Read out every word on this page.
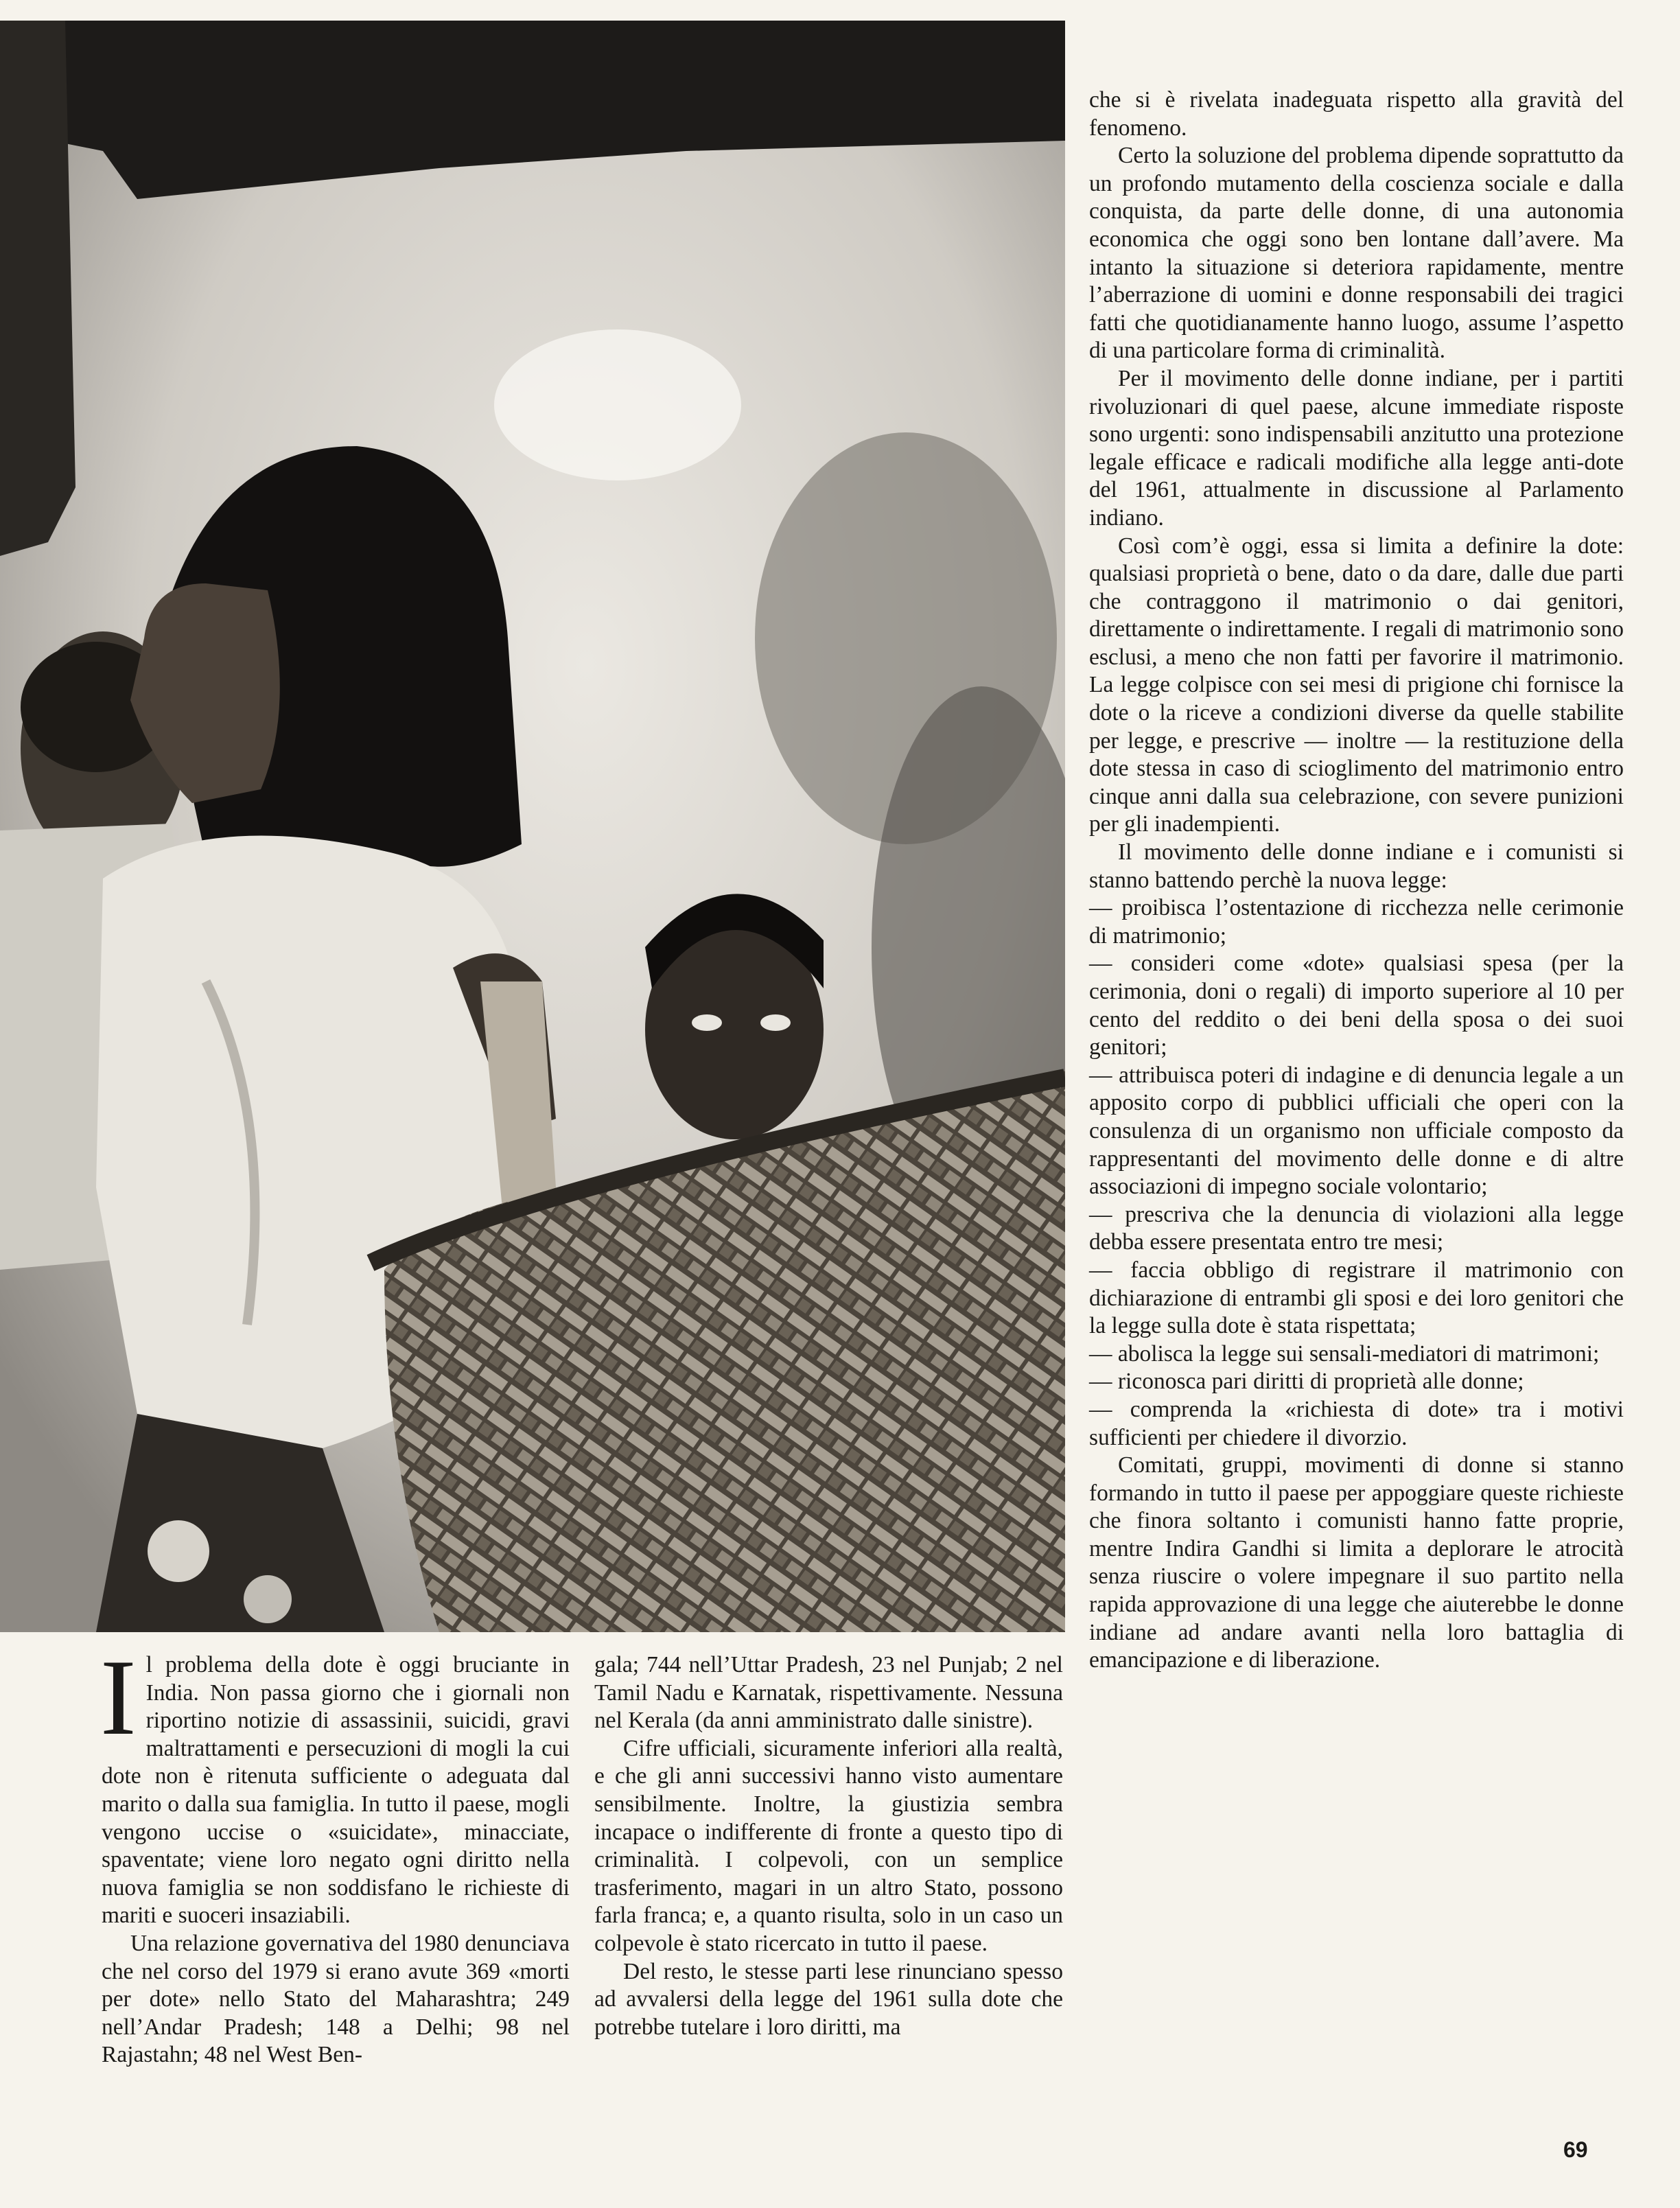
che si è rivelata inadeguata rispetto alla gravità del fenomeno.

Certo la soluzione del problema dipende soprattutto da un profondo mutamento della coscienza sociale e dalla conquista, da parte delle donne, di una autonomia economica che oggi sono ben lontane dall’avere. Ma intanto la situazione si deteriora rapidamente, mentre l’aberrazione di uomini e donne responsabili dei tragici fatti che quotidianamente hanno luogo, assume l’aspetto di una particolare forma di criminalità.

Per il movimento delle donne indiane, per i partiti rivoluzionari di quel paese, alcune immediate risposte sono urgenti: sono indispensabili anzitutto una protezione legale efficace e radicali modifiche alla legge anti-dote del 1961, attualmente in discussione al Parlamento indiano.

Così com’è oggi, essa si limita a definire la dote: qualsiasi proprietà o bene, dato o da dare, dalle due parti che contraggono il matrimonio o dai genitori, direttamente o indirettamente. I regali di matrimonio sono esclusi, a meno che non fatti per favorire il matrimonio. La legge colpisce con sei mesi di prigione chi fornisce la dote o la riceve a condizioni diverse da quelle stabilite per legge, e prescrive — inoltre — la restituzione della dote stessa in caso di scioglimento del matrimonio entro cinque anni dalla sua celebrazione, con severe punizioni per gli inadempienti.

Il movimento delle donne indiane e i comunisti si stanno battendo perchè la nuova legge:

— proibisca l’ostentazione di ricchezza nelle cerimonie di matrimonio;

— consideri come «dote» qualsiasi spesa (per la cerimonia, doni o regali) di importo superiore al 10 per cento del reddito o dei beni della sposa o dei suoi genitori;

— attribuisca poteri di indagine e di denuncia legale a un apposito corpo di pubblici ufficiali che operi con la consulenza di un organismo non ufficiale composto da rappresentanti del movimento delle donne e di altre associazioni di impegno sociale volontario;

— prescriva che la denuncia di violazioni alla legge debba essere presentata entro tre mesi;

— faccia obbligo di registrare il matrimonio con dichiarazione di entrambi gli sposi e dei loro genitori che la legge sulla dote è stata rispettata;

— abolisca la legge sui sensali-mediatori di matrimoni;

— riconosca pari diritti di proprietà alle donne;

— comprenda la «richiesta di dote» tra i motivi sufficienti per chiedere il divorzio.

Comitati, gruppi, movimenti di donne si stanno formando in tutto il paese per appoggiare queste richieste che finora soltanto i comunisti hanno fatte proprie, mentre Indira Gandhi si limita a deplorare le atrocità senza riuscire o volere impegnare il suo partito nella rapida approvazione di una legge che aiuterebbe le donne indiane ad andare avanti nella loro battaglia di emancipazione e di liberazione.

Il problema della dote è oggi bruciante in India. Non passa giorno che i giornali non riportino notizie di assassinii, suicidi, gravi maltrattamenti e persecuzioni di mogli la cui dote non è ritenuta sufficiente o adeguata dal marito o dalla sua famiglia. In tutto il paese, mogli vengono uccise o «suicidate», minacciate, spaventate; viene loro negato ogni diritto nella nuova famiglia se non soddisfano le richieste di mariti e suoceri insaziabili.

Una relazione governativa del 1980 denunciava che nel corso del 1979 si erano avute 369 «morti per dote» nello Stato del Maharashtra; 249 nell’Andar Pradesh; 148 a Delhi; 98 nel Rajastahn; 48 nel West Ben-

gala; 744 nell’Uttar Pradesh, 23 nel Punjab; 2 nel Tamil Nadu e Karnatak, rispettivamente. Nessuna nel Kerala (da anni amministrato dalle sinistre).

Cifre ufficiali, sicuramente inferiori alla realtà, e che gli anni successivi hanno visto aumentare sensibilmente. Inoltre, la giustizia sembra incapace o indifferente di fronte a questo tipo di criminalità. I colpevoli, con un semplice trasferimento, magari in un altro Stato, possono farla franca; e, a quanto risulta, solo in un caso un colpevole è stato ricercato in tutto il paese.

Del resto, le stesse parti lese rinunciano spesso ad avvalersi della legge del 1961 sulla dote che potrebbe tutelare i loro diritti, ma

69
